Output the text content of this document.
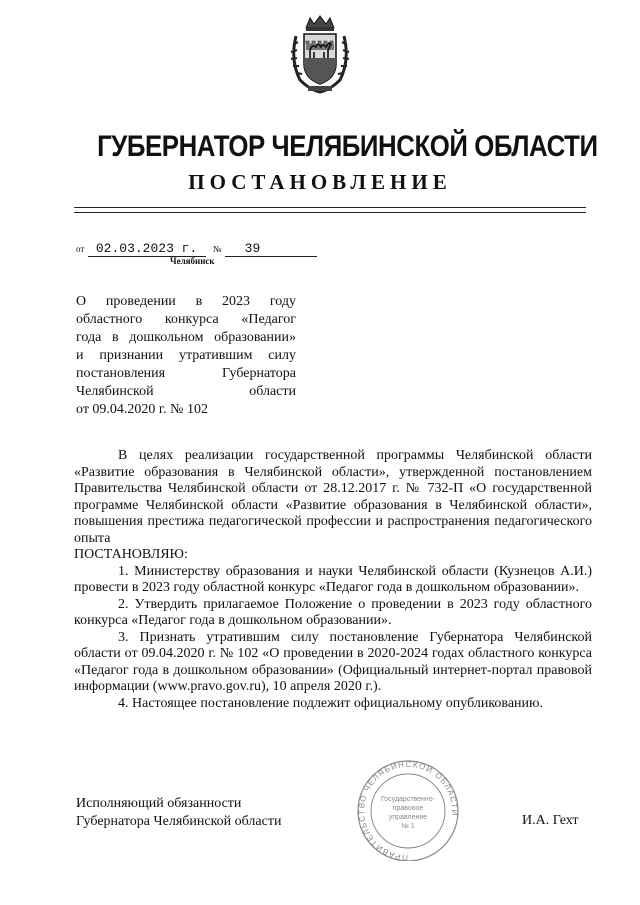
ГУБЕРНАТОР ЧЕЛЯБИНСКОЙ ОБЛАСТИ
ПОСТАНОВЛЕНИЕ
от 02.03.2023 г. № 39
Челябинск
О проведении в 2023 году
областного конкурса «Педагог
года в дошкольном образовании»
и признании утратившим силу
постановления Губернатора
Челябинской области
от 09.04.2020 г. № 102
В целях реализации государственной программы Челябинской области «Развитие образования в Челябинской области», утвержденной постановлением Правительства Челябинской области от 28.12.2017 г. № 732-П «О государственной программе Челябинской области «Развитие образования в Челябинской области», повышения престижа педагогической профессии и распространения педагогического опыта
ПОСТАНОВЛЯЮ:
1. Министерству образования и науки Челябинской области (Кузнецов А.И.) провести в 2023 году областной конкурс «Педагог года в дошкольном образовании».
2. Утвердить прилагаемое Положение о проведении в 2023 году областного конкурса «Педагог года в дошкольном образовании».
3. Признать утратившим силу постановление Губернатора Челябинской области от 09.04.2020 г. № 102 «О проведении в 2020-2024 годах областного конкурса «Педагог года в дошкольном образовании» (Официальный интернет-портал правовой информации (www.pravo.gov.ru), 10 апреля 2020 г.).
4. Настоящее постановление подлежит официальному опубликованию.
ПРАВИТЕЛЬСТВО ЧЕЛЯБИНСКОЙ ОБЛАСТИ
Государственно-
правовое
управление
№ 1
Исполняющий обязанности
Губернатора Челябинской области	И.А. Гехт
